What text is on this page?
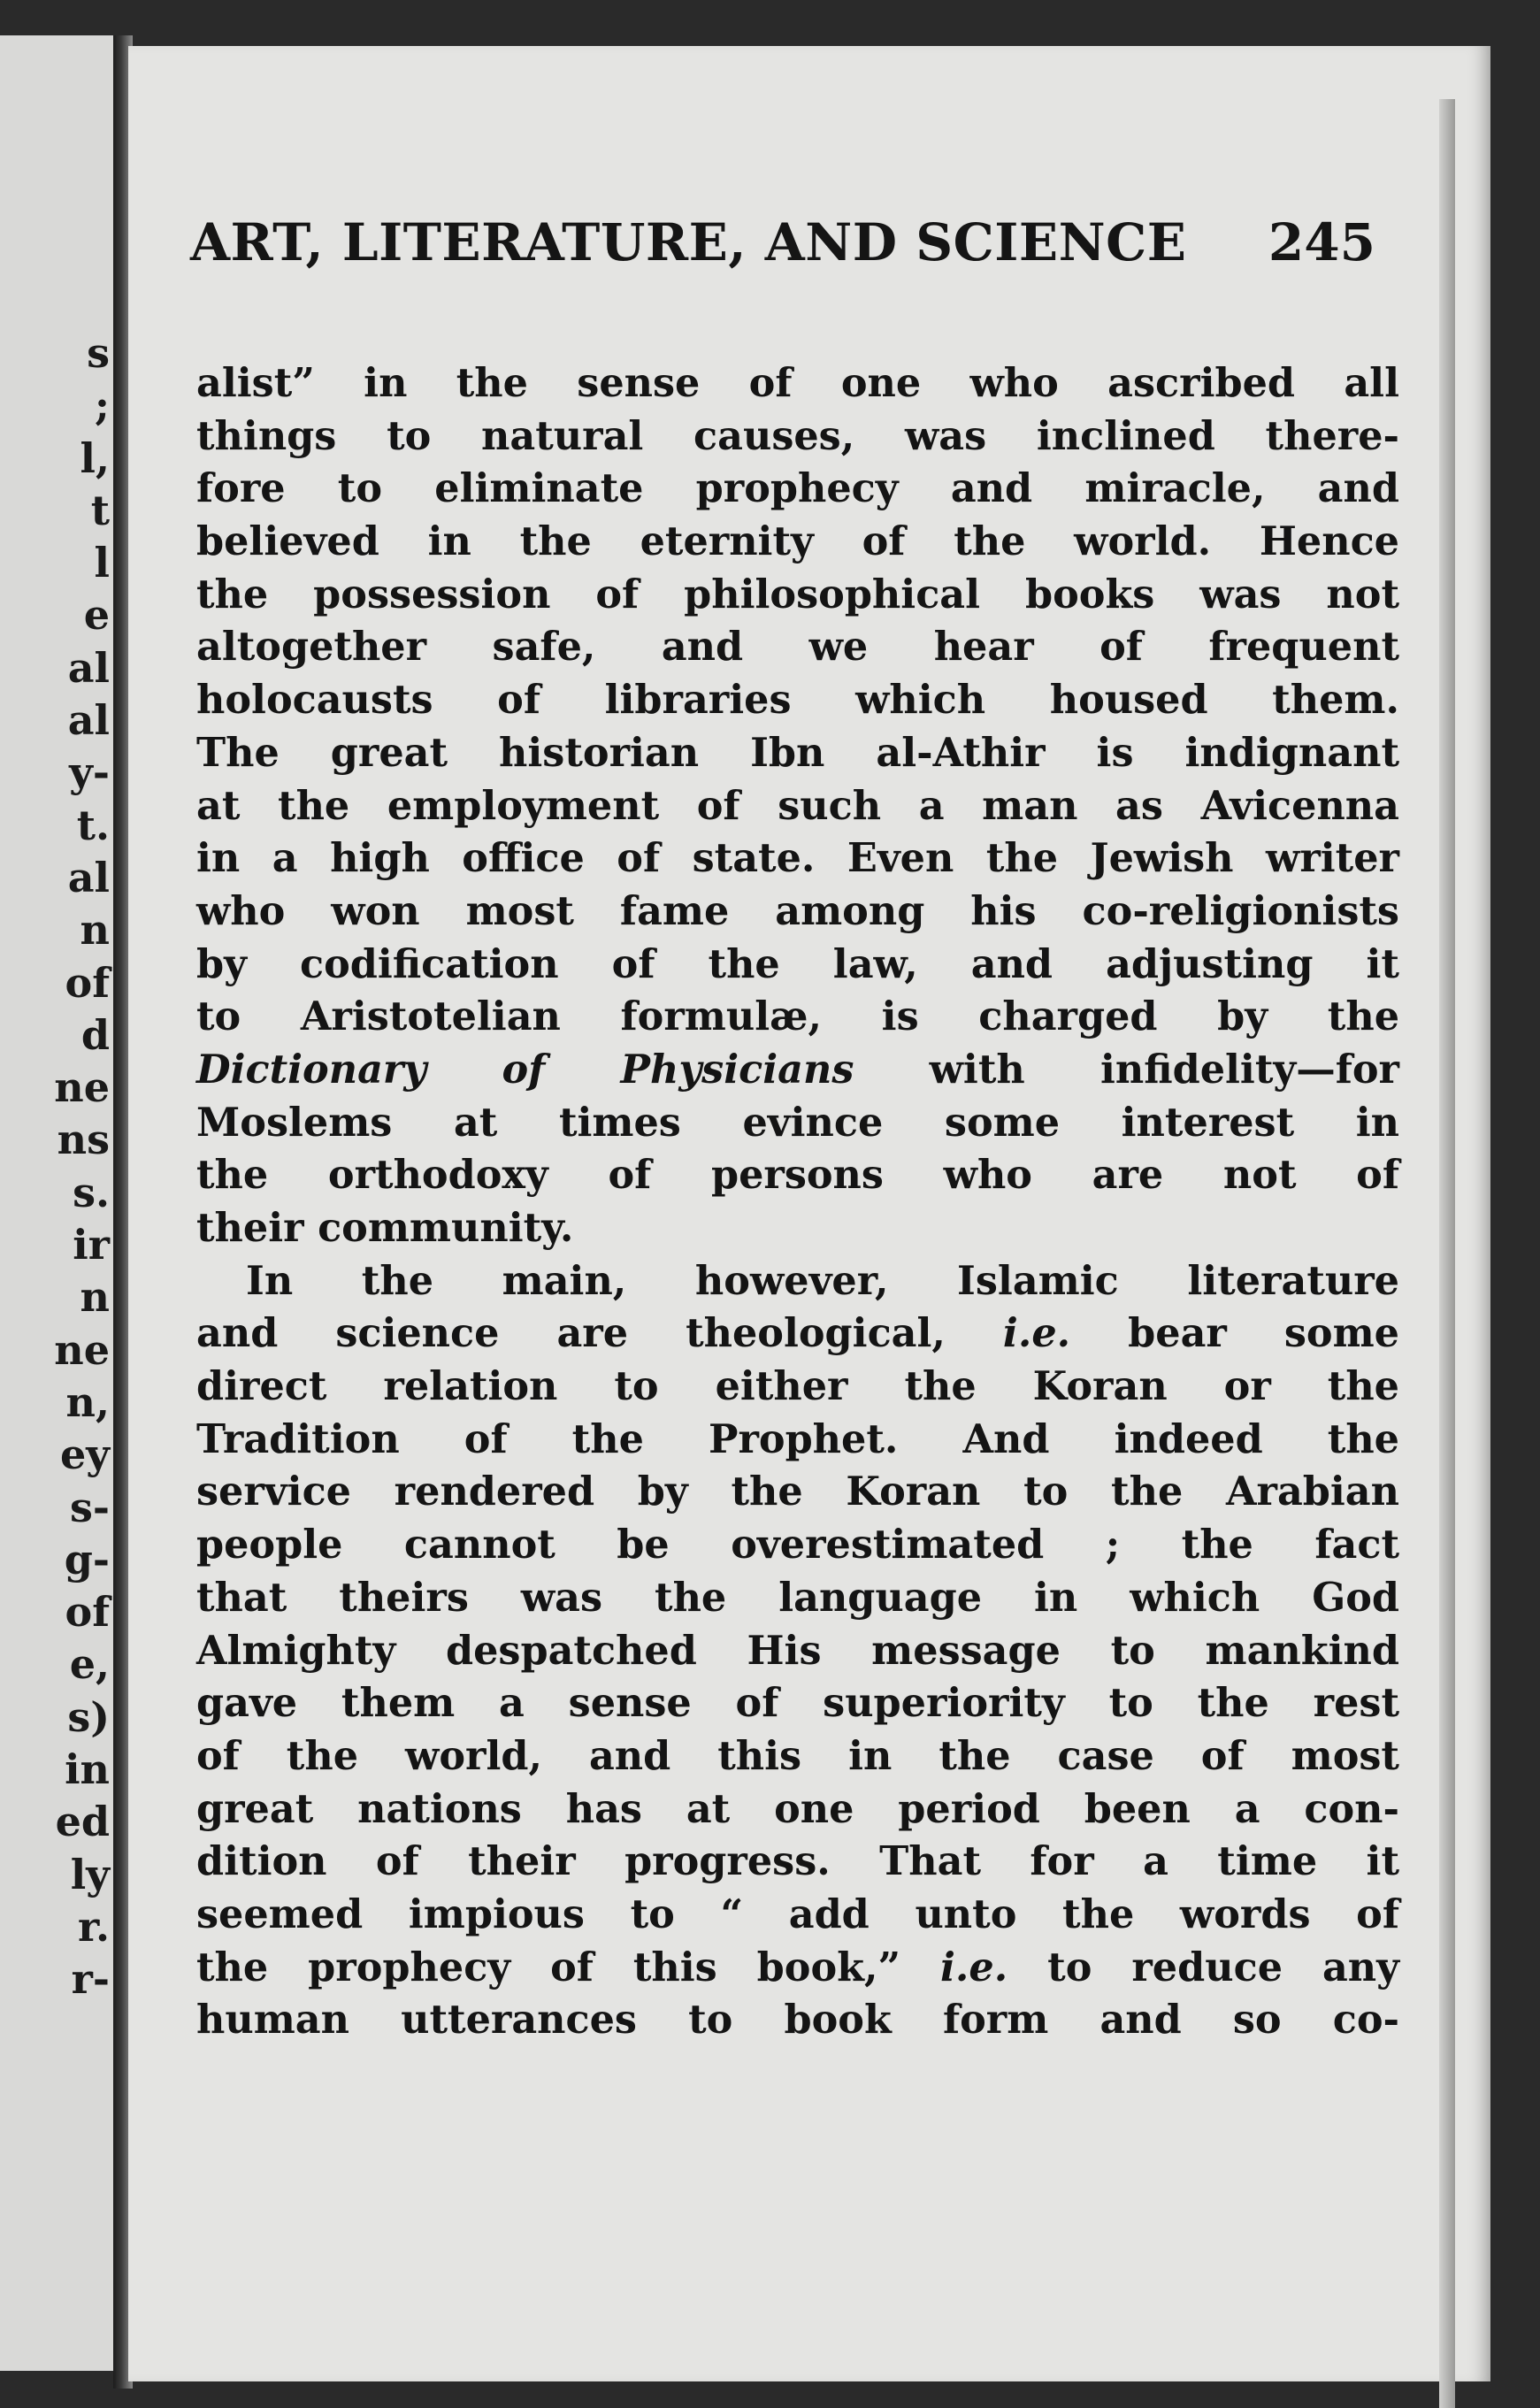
s
;
l,
t
l
e
al
al
y-
t.
al
n
of
d
ne
ns
s.
ir
n
ne
n,
ey
s-
g-
of
e,
s)
in
ed
ly
r.
r-
ART, LITERATURE, AND SCIENCE 245
alist” in the sense of one who ascribed all
things to natural causes, was inclined there-
fore to eliminate prophecy and miracle, and
believed in the eternity of the world. Hence
the possession of philosophical books was not
altogether safe, and we hear of frequent
holocausts of libraries which housed them.
The great historian Ibn al-Athir is indignant
at the employment of such a man as Avicenna
in a high office of state. Even the Jewish writer
who won most fame among his co-religionists
by codification of the law, and adjusting it
to Aristotelian formulæ, is charged by the
Dictionary of Physicians with infidelity—for
Moslems at times evince some interest in
the orthodoxy of persons who are not of
their community.
In the main, however, Islamic literature
and science are theological, i.e. bear some
direct relation to either the Koran or the
Tradition of the Prophet. And indeed the
service rendered by the Koran to the Arabian
people cannot be overestimated ; the fact
that theirs was the language in which God
Almighty despatched His message to mankind
gave them a sense of superiority to the rest
of the world, and this in the case of most
great nations has at one period been a con-
dition of their progress. That for a time it
seemed impious to “ add unto the words of
the prophecy of this book,” i.e. to reduce any
human utterances to book form and so co-
